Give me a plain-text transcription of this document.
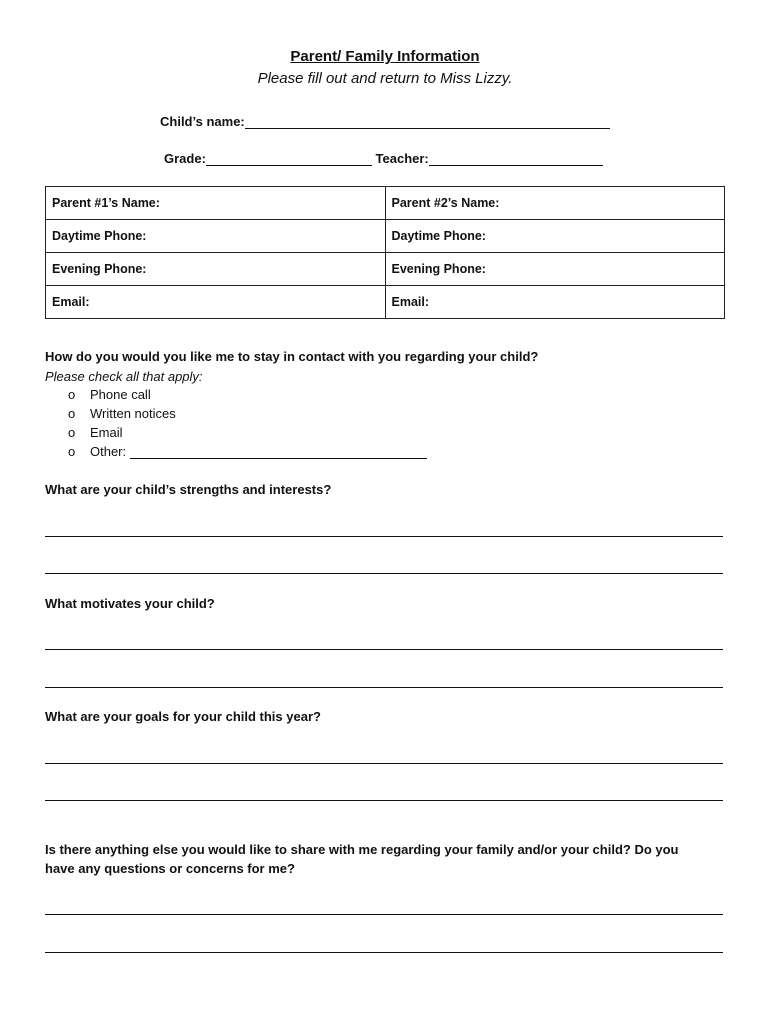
Parent/ Family Information
Please fill out and return to Miss Lizzy.
Child’s name:
Grade:	Teacher:
Parent #1’s Name:	Parent #2’s Name:
Daytime Phone:	Daytime Phone:
Evening Phone:	Evening Phone:
Email:	Email:
How do you would you like me to stay in contact with you regarding your child?
Please check all that apply:
o Phone call
o Written notices
o Email
o Other:
What are your child’s strengths and interests?
What motivates your child?
What are your goals for your child this year?
Is there anything else you would like to share with me regarding your family and/or your child? Do you
have any questions or concerns for me?
